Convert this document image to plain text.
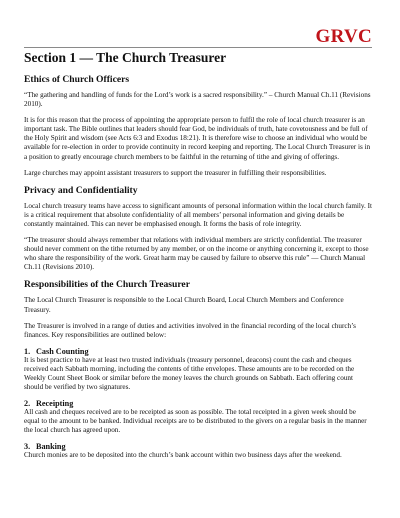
GRVC
Section 1 — The Church Treasurer
Ethics of Church Officers

“The gathering and handling of funds for the Lord’s work is a sacred responsibility.” – Church Manual Ch.11 (Revisions 2010).

It is for this reason that the process of appointing the appropriate person to fulfil the role of local church treasurer is an important task. The Bible outlines that leaders should fear God, be individuals of truth, hate covetousness and be full of the Holy Spirit and wisdom (see Acts 6:3 and Exodus 18:21). It is therefore wise to choose an individual who would be available for re-election in order to provide continuity in record keeping and reporting. The Local Church Treasurer is in a position to greatly encourage church members to be faithful in the returning of tithe and giving of offerings.

Large churches may appoint assistant treasurers to support the treasurer in fulfilling their responsibilities.

Privacy and Confidentiality

Local church treasury teams have access to significant amounts of personal information within the local church family. It is a critical requirement that absolute confidentiality of all members’ personal information and giving details be constantly maintained. This can never be emphasised enough. It forms the basis of role integrity.

“The treasurer should always remember that relations with individual members are strictly confidential. The treasurer should never comment on the tithe returned by any member, or on the income or anything concerning it, except to those who share the responsibility of the work. Great harm may be caused by failure to observe this rule” — Church Manual Ch.11 (Revisions 2010).

Responsibilities of the Church Treasurer

The Local Church Treasurer is responsible to the Local Church Board, Local Church Members and Conference Treasury.

The Treasurer is involved in a range of duties and activities involved in the financial recording of the local church’s finances. Key responsibilities are outlined below:

1. Cash Counting

It is best practice to have at least two trusted individuals (treasury personnel, deacons) count the cash and cheques received each Sabbath morning, including the contents of tithe envelopes. These amounts are to be recorded on the Weekly Count Sheet Book or similar before the money leaves the church grounds on Sabbath. Each offering count should be verified by two signatures.

2. Receipting

All cash and cheques received are to be receipted as soon as possible. The total receipted in a given week should be equal to the amount to be banked. Individual receipts are to be distributed to the givers on a regular basis in the manner the local church has agreed upon.

3. Banking

Church monies are to be deposited into the church’s bank account within two business days after the weekend.
